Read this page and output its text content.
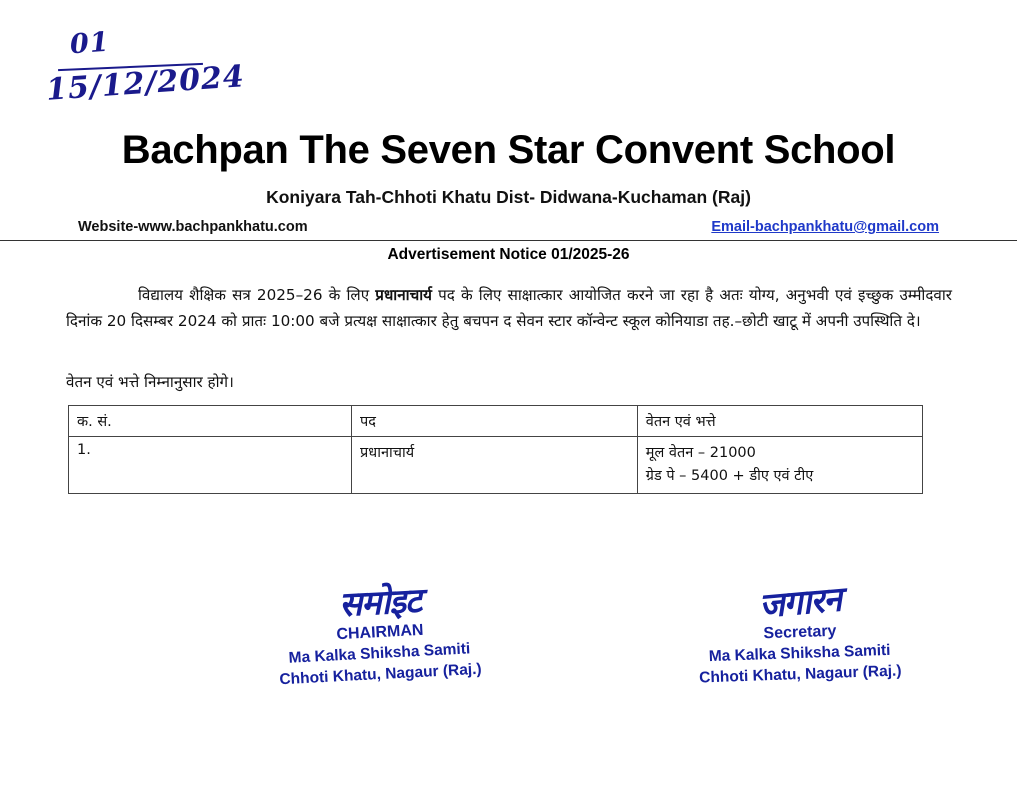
01
15/12/2024
Bachpan The Seven Star Convent School
Koniyara Tah-Chhoti Khatu Dist- Didwana-Kuchaman (Raj)
Website-www.bachpankhatu.com	Email-bachpankhatu@gmail.com
Advertisement Notice 01/2025-26
विद्यालय शैक्षिक सत्र 2025–26 के लिए प्रधानाचार्य पद के लिए साक्षात्कार आयोजित करने जा रहा है अतः योग्य, अनुभवी एवं इच्छुक उम्मीदवार दिनांक 20 दिसम्बर 2024 को प्रातः 10:00 बजे प्रत्यक्ष साक्षात्कार हेतु बचपन द सेवन स्टार कॉन्वेन्ट स्कूल कोनियाडा तह.–छोटी खाटू में अपनी उपस्थिति दे।
वेतन एवं भत्ते निम्नानुसार होगे।
क. सं.	पद	वेतन एवं भत्ते
1.	प्रधानाचार्य	मूल वेतन – 21000
ग्रेड पे – 5400 + डीए एवं टीए
समोइट
CHAIRMAN
Ma Kalka Shiksha Samiti
Chhoti Khatu, Nagaur (Raj.)
जगारन
Secretary
Ma Kalka Shiksha Samiti
Chhoti Khatu, Nagaur (Raj.)
